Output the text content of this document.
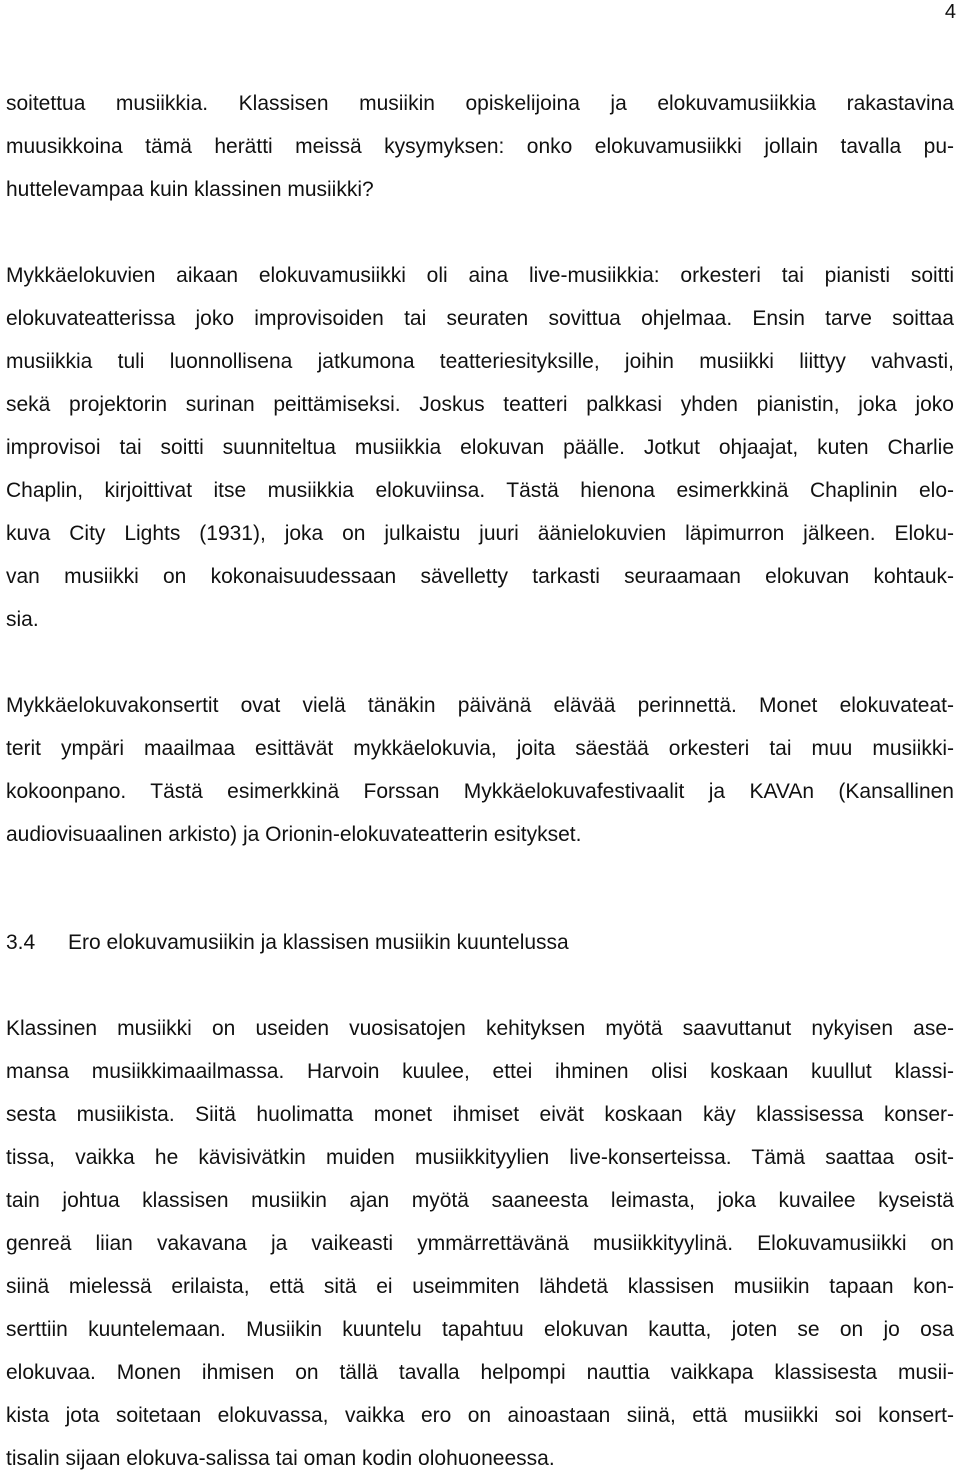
4
soitettua musiikkia. Klassisen musiikin opiskelijoina ja elokuvamusiikkia rakastavina
muusikkoina tämä herätti meissä kysymyksen: onko elokuvamusiikki jollain tavalla pu-
huttelevampaa kuin klassinen musiikki?
Mykkäelokuvien aikaan elokuvamusiikki oli aina live-musiikkia: orkesteri tai pianisti soitti
elokuvateatterissa joko improvisoiden tai seuraten sovittua ohjelmaa. Ensin tarve soittaa
musiikkia tuli luonnollisena jatkumona teatteriesityksille, joihin musiikki liittyy vahvasti,
sekä projektorin surinan peittämiseksi. Joskus teatteri palkkasi yhden pianistin, joka joko
improvisoi tai soitti suunniteltua musiikkia elokuvan päälle. Jotkut ohjaajat, kuten Charlie
Chaplin, kirjoittivat itse musiikkia elokuviinsa. Tästä hienona esimerkkinä Chaplinin elo-
kuva City Lights (1931), joka on julkaistu juuri äänielokuvien läpimurron jälkeen. Eloku-
van musiikki on kokonaisuudessaan sävelletty tarkasti seuraamaan elokuvan kohtauk-
sia.
Mykkäelokuvakonsertit ovat vielä tänäkin päivänä elävää perinnettä. Monet elokuvateat-
terit ympäri maailmaa esittävät mykkäelokuvia, joita säestää orkesteri tai muu musiikki-
kokoonpano. Tästä esimerkkinä Forssan Mykkäelokuvafestivaalit ja KAVAn (Kansallinen
audiovisuaalinen arkisto) ja Orionin-elokuvateatterin esitykset.
3.4 Ero elokuvamusiikin ja klassisen musiikin kuuntelussa
Klassinen musiikki on useiden vuosisatojen kehityksen myötä saavuttanut nykyisen ase-
mansa musiikkimaailmassa. Harvoin kuulee, ettei ihminen olisi koskaan kuullut klassi-
sesta musiikista. Siitä huolimatta monet ihmiset eivät koskaan käy klassisessa konser-
tissa, vaikka he kävisivätkin muiden musiikkityylien live-konserteissa. Tämä saattaa osit-
tain johtua klassisen musiikin ajan myötä saaneesta leimasta, joka kuvailee kyseistä
genreä liian vakavana ja vaikeasti ymmärrettävänä musiikkityylinä. Elokuvamusiikki on
siinä mielessä erilaista, että sitä ei useimmiten lähdetä klassisen musiikin tapaan kon-
serttiin kuuntelemaan. Musiikin kuuntelu tapahtuu elokuvan kautta, joten se on jo osa
elokuvaa. Monen ihmisen on tällä tavalla helpompi nauttia vaikkapa klassisesta musii-
kista jota soitetaan elokuvassa, vaikka ero on ainoastaan siinä, että musiikki soi konsert-
tisalin sijaan elokuva-salissa tai oman kodin olohuoneessa.
